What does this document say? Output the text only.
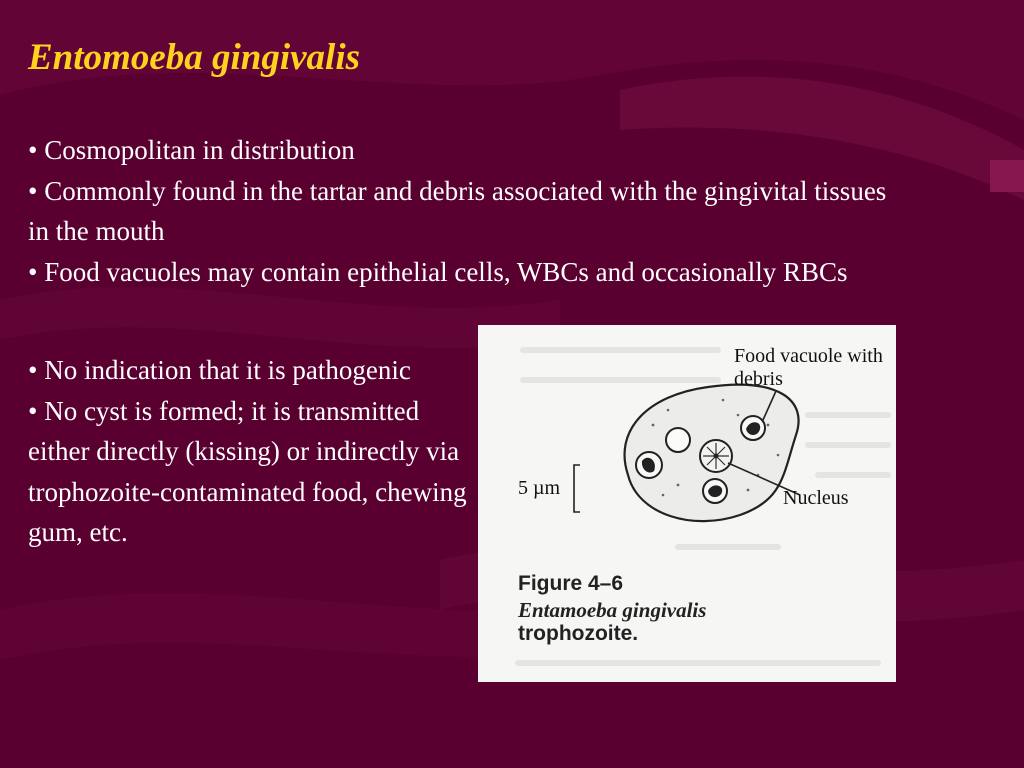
Entomoeba gingivalis

• Cosmopolitan in distribution

• Commonly found in the tartar and debris associated with the gingivital tissues in the mouth

• Food vacuoles may contain epithelial cells, WBCs and occasionally RBCs

• No indication that it is pathogenic

• No cyst is formed; it is transmitted either directly (kissing) or indirectly via trophozoite-contaminated food, chewing gum, etc.

Food vacuole with debris
Nucleus
5 µm
Figure 4–6
Entamoeba gingivalis
trophozoite.
